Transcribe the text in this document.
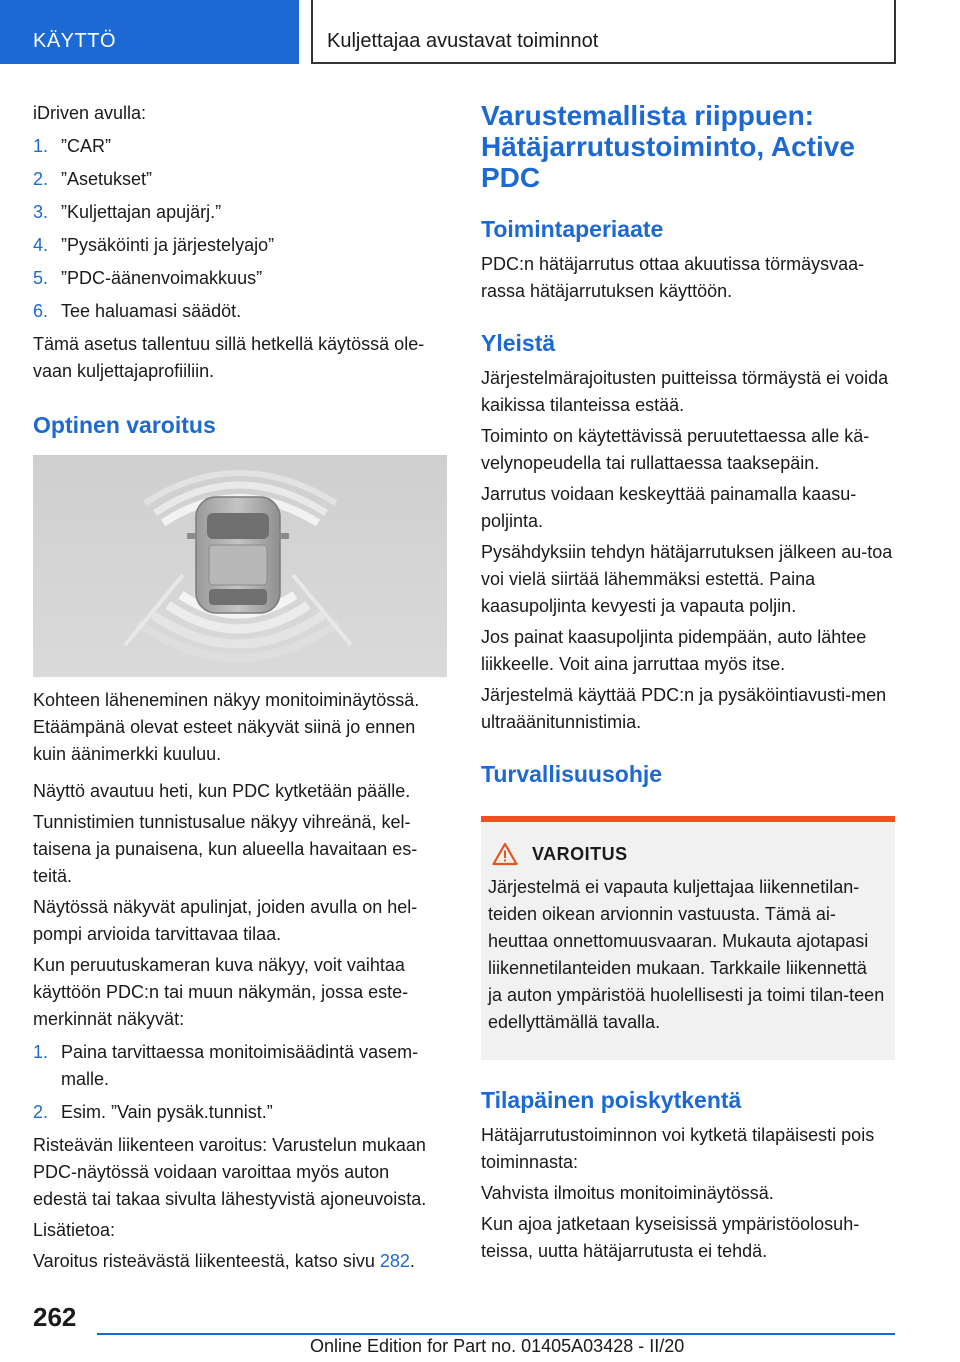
KÄYTTÖ	Kuljettajaa avustavat toiminnot

iDriven avulla:

1. ”CAR”
2. ”Asetukset”
3. ”Kuljettajan apujärj.”
4. ”Pysäköinti ja järjestelyajo”
5. ”PDC-äänenvoimakkuus”
6. Tee haluamasi säädöt.

Tämä asetus tallentuu sillä hetkellä käytössä ole-vaan kuljettajaprofiiliin.

Optinen varoitus

Kohteen läheneminen näkyy monitoiminäytössä. Etäämpänä olevat esteet näkyvät siinä jo ennen kuin äänimerkki kuuluu.

Näyttö avautuu heti, kun PDC kytketään päälle.

Tunnistimien tunnistusalue näkyy vihreänä, kel-taisena ja punaisena, kun alueella havaitaan es-teitä.

Näytössä näkyvät apulinjat, joiden avulla on hel-pompi arvioida tarvittavaa tilaa.

Kun peruutuskameran kuva näkyy, voit vaihtaa käyttöön PDC:n tai muun näkymän, jossa este-merkinnät näkyvät:

1. Paina tarvittaessa monitoimisäädintä vasem-malle.
2. Esim. ”Vain pysäk.tunnist.”

Risteävän liikenteen varoitus: Varustelun mukaan PDC-näytössä voidaan varoittaa myös auton edestä tai takaa sivulta lähestyvistä ajoneuvoista.

Lisätietoa:

Varoitus risteävästä liikenteestä, katso sivu 282.

Varustemallista riippuen: Hätäjarrutustoiminto, Active PDC
Toimintaperiaate

PDC:n hätäjarrutus ottaa akuutissa törmäysvaa-rassa hätäjarrutuksen käyttöön.

Yleistä

Järjestelmärajoitusten puitteissa törmäystä ei voida kaikissa tilanteissa estää.

Toiminto on käytettävissä peruutettaessa alle kä-velynopeudella tai rullattaessa taaksepäin.

Jarrutus voidaan keskeyttää painamalla kaasu-poljinta.

Pysähdyksiin tehdyn hätäjarrutuksen jälkeen au-toa voi vielä siirtää lähemmäksi estettä. Paina kaasupoljinta kevyesti ja vapauta poljin.

Jos painat kaasupoljinta pidempään, auto lähtee liikkeelle. Voit aina jarruttaa myös itse.

Järjestelmä käyttää PDC:n ja pysäköintiavusti-men ultraäänitunnistimia.

Turvallisuusohje
VAROITUS

Järjestelmä ei vapauta kuljettajaa liikennetilan-teiden oikean arvionnin vastuusta. Tämä ai-heuttaa onnettomuusvaaran. Mukauta ajotapasi liikennetilanteiden mukaan. Tarkkaile liikennettä ja auton ympäristöä huolellisesti ja toimi tilan-teen edellyttämällä tavalla.

Tilapäinen poiskytkentä

Hätäjarrutustoiminnon voi kytketä tilapäisesti pois toiminnasta:

Vahvista ilmoitus monitoiminäytössä.

Kun ajoa jatketaan kyseisissä ympäristöolosuh-teissa, uutta hätäjarrutusta ei tehdä.

262
Online Edition for Part no. 01405A03428 - II/20
